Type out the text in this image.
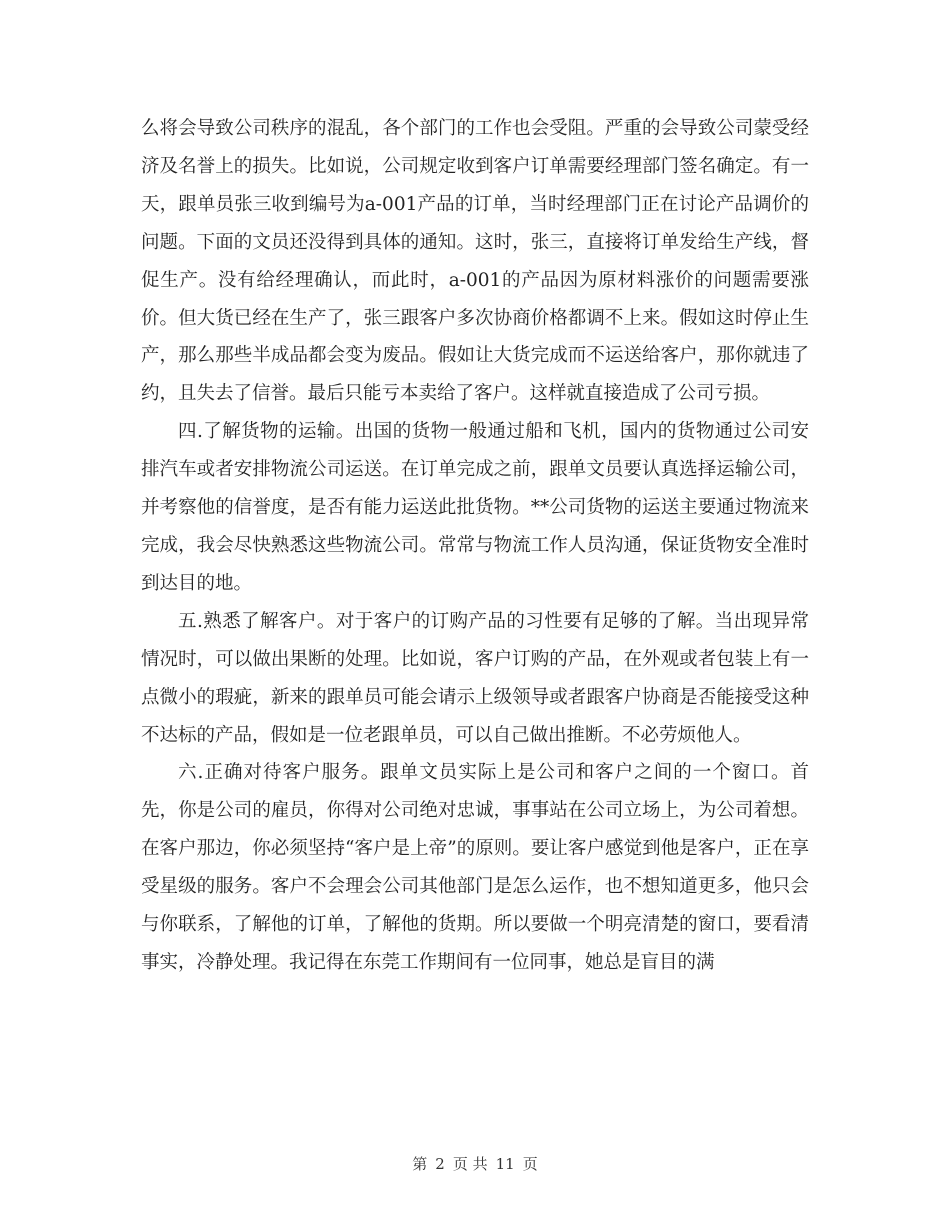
么将会导致公司秩序的混乱，各个部门的工作也会受阻。严重的会导致公司蒙受经济及名誉上的损失。比如说，公司规定收到客户订单需要经理部门签名确定。有一天，跟单员张三收到编号为a-001产品的订单，当时经理部门正在讨论产品调价的问题。下面的文员还没得到具体的通知。这时，张三，直接将订单发给生产线，督促生产。没有给经理确认，而此时，a-001的产品因为原材料涨价的问题需要涨价。但大货已经在生产了，张三跟客户多次协商价格都调不上来。假如这时停止生产，那么那些半成品都会变为废品。假如让大货完成而不运送给客户，那你就违了约，且失去了信誉。最后只能亏本卖给了客户。这样就直接造成了公司亏损。

四.了解货物的运输。出国的货物一般通过船和飞机，国内的货物通过公司安排汽车或者安排物流公司运送。在订单完成之前，跟单文员要认真选择运输公司，并考察他的信誉度，是否有能力运送此批货物。**公司货物的运送主要通过物流来完成，我会尽快熟悉这些物流公司。常常与物流工作人员沟通，保证货物安全准时到达目的地。

五.熟悉了解客户。对于客户的订购产品的习性要有足够的了解。当出现异常情况时，可以做出果断的处理。比如说，客户订购的产品，在外观或者包装上有一点微小的瑕疵，新来的跟单员可能会请示上级领导或者跟客户协商是否能接受这种不达标的产品，假如是一位老跟单员，可以自己做出推断。不必劳烦他人。

六.正确对待客户服务。跟单文员实际上是公司和客户之间的一个窗口。首先，你是公司的雇员，你得对公司绝对忠诚，事事站在公司立场上，为公司着想。在客户那边，你必须坚持“客户是上帝”的原则。要让客户感觉到他是客户，正在享受星级的服务。客户不会理会公司其他部门是怎么运作，也不想知道更多，他只会与你联系，了解他的订单，了解他的货期。所以要做一个明亮清楚的窗口，要看清事实，冷静处理。我记得在东莞工作期间有一位同事，她总是盲目的满

第 2 页 共 11 页
